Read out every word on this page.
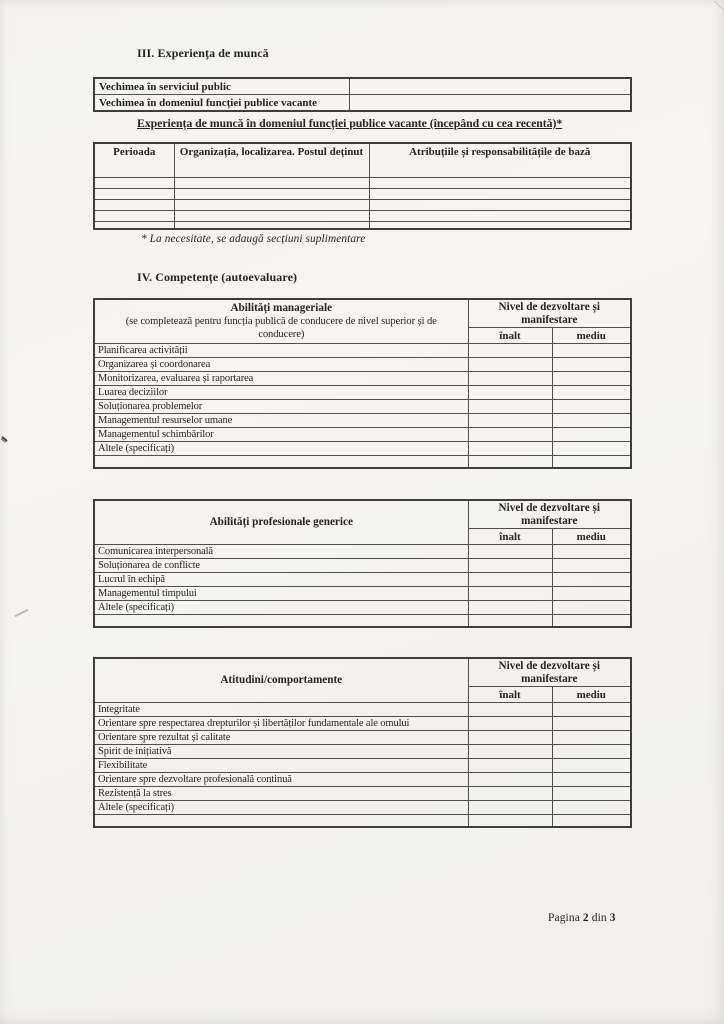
III. Experiența de muncă
Vechimea în serviciul public	
Vechimea în domeniul funcției publice vacante	
Experiența de muncă în domeniul funcției publice vacante (începând cu cea recentă)*
Perioada	Organizația, localizarea. Postul deținut	Atribuțiile și responsabilitățile de bază

* La necesitate, se adaugă secțiuni suplimentare
IV. Competențe (autoevaluare)
Abilități manageriale
(se completează pentru funcția publică de conducere de nivel superior și de conducere)	Nivel de dezvoltare și manifestare	
	înalt	mediu
Planificarea activității		
Organizarea și coordonarea		
Monitorizarea, evaluarea și raportarea		
Luarea deciziilor		
Soluționarea problemelor		
Managementul resurselor umane		
Managementul schimbărilor		
Altele (specificați)		

Abilități profesionale generice	Nivel de dezvoltare și manifestare	
	înalt	mediu
Comunicarea interpersonală		
Soluționarea de conflicte		
Lucrul în echipă		
Managementul timpului		
Altele (specificați)		

Atitudini/comportamente	Nivel de dezvoltare și manifestare	
	înalt	mediu
Integritate		
Orientare spre respectarea drepturilor și libertăților fundamentale ale omului		
Orientare spre rezultat și calitate		
Spirit de inițiativă		
Flexibilitate		
Orientare spre dezvoltare profesională continuă		
Rezistență la stres		
Altele (specificați)		

Pagina 2 din 3
